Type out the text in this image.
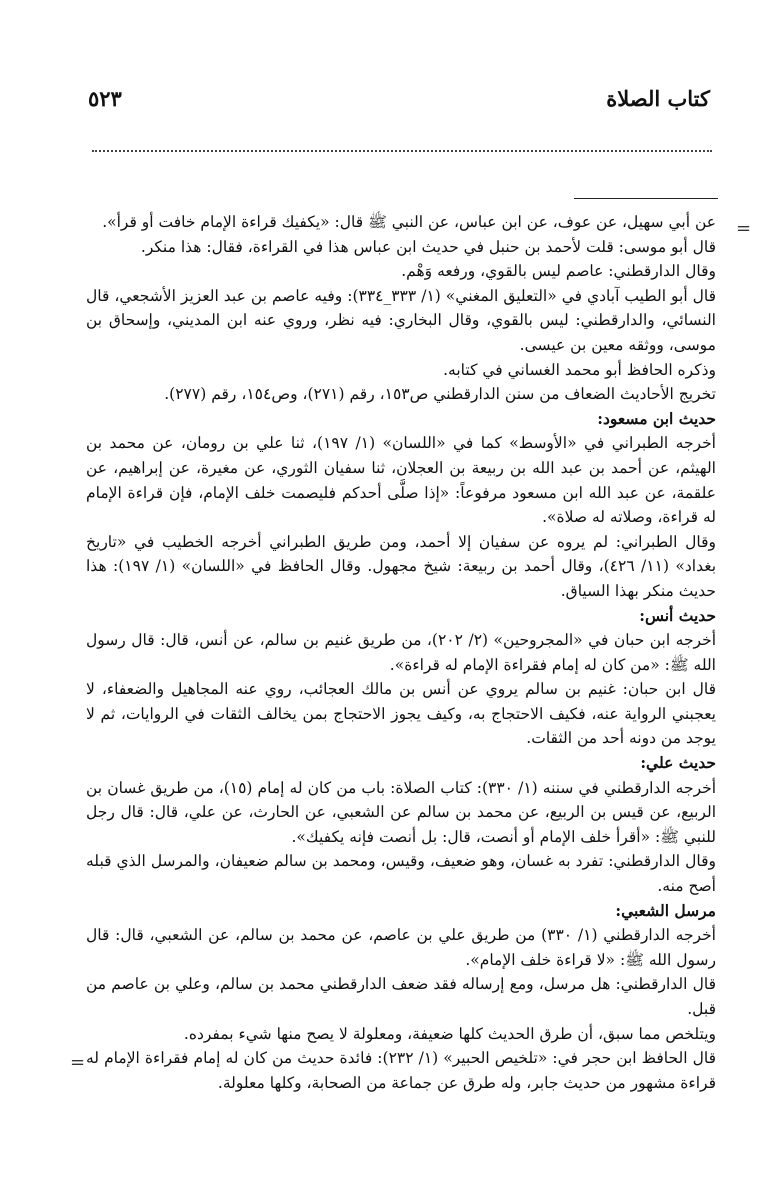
كتاب الصلاة
٥٢٣
=
=

عن أبي سهيل، عن عوف، عن ابن عباس، عن النبي ﷺ قال: «يكفيك قراءة الإمام خافت أو قرأ».

قال أبو موسى: قلت لأحمد بن حنبل في حديث ابن عباس هذا في القراءة، فقال: هذا منكر.

وقال الدارقطني: عاصم ليس بالقوي، ورفعه وَهْم.

قال أبو الطيب آبادي في «التعليق المغني» (١/ ٣٣٣_٣٣٤): وفيه عاصم بن عبد العزيز الأشجعي، قال النسائي، والدارقطني: ليس بالقوي، وقال البخاري: فيه نظر، وروي عنه ابن المديني، وإسحاق بن موسى، ووثقه معين بن عيسى.

وذكره الحافظ أبو محمد الغساني في كتابه.

تخريج الأحاديث الضعاف من سنن الدارقطني ص١٥٣، رقم (٢٧١)، وص١٥٤، رقم (٢٧٧).

حديث ابن مسعود:

أخرجه الطبراني في «الأوسط» كما في «اللسان» (١/ ١٩٧)، ثنا علي بن رومان، عن محمد بن الهيثم، عن أحمد بن عبد الله بن ربيعة بن العجلان، ثنا سفيان الثوري، عن مغيرة، عن إبراهيم، عن علقمة، عن عبد الله ابن مسعود مرفوعاً: «إذا صلَّى أحدكم فليصمت خلف الإمام، فإن قراءة الإمام له قراءة، وصلاته له صلاة».

وقال الطبراني: لم يروه عن سفيان إلا أحمد، ومن طريق الطبراني أخرجه الخطيب في «تاريخ بغداد» (١١/ ٤٢٦)، وقال أحمد بن ربيعة: شيخ مجهول. وقال الحافظ في «اللسان» (١/ ١٩٧): هذا حديث منكر بهذا السياق.

حديث أنس:

أخرجه ابن حبان في «المجروحين» (٢/ ٢٠٢)، من طريق غنيم بن سالم، عن أنس، قال: قال رسول الله ﷺ: «من كان له إمام فقراءة الإمام له قراءة».

قال ابن حبان: غنيم بن سالم يروي عن أنس بن مالك العجائب، روي عنه المجاهيل والضعفاء، لا يعجبني الرواية عنه، فكيف الاحتجاج به، وكيف يجوز الاحتجاج بمن يخالف الثقات في الروايات، ثم لا يوجد من دونه أحد من الثقات.

حديث علي:

أخرجه الدارقطني في سننه (١/ ٣٣٠): كتاب الصلاة: باب من كان له إمام (١٥)، من طريق غسان بن الربيع، عن قيس بن الربيع، عن محمد بن سالم عن الشعبي، عن الحارث، عن علي، قال: قال رجل للنبي ﷺ: «أقرأ خلف الإمام أو أنصت، قال: بل أنصت فإنه يكفيك».

وقال الدارقطني: تفرد به غسان، وهو ضعيف، وقيس، ومحمد بن سالم ضعيفان، والمرسل الذي قبله أصح منه.

مرسل الشعبي:

أخرجه الدارقطني (١/ ٣٣٠) من طريق علي بن عاصم، عن محمد بن سالم، عن الشعبي، قال: قال رسول الله ﷺ: «لا قراءة خلف الإمام».

قال الدارقطني: هل مرسل، ومع إرساله فقد ضعف الدارقطني محمد بن سالم، وعلي بن عاصم من قبل.

ويتلخص مما سبق، أن طرق الحديث كلها ضعيفة، ومعلولة لا يصح منها شيء بمفرده.

قال الحافظ ابن حجر في: «تلخيص الحبير» (١/ ٢٣٢): فائدة حديث من كان له إمام فقراءة الإمام له قراءة مشهور من حديث جابر، وله طرق عن جماعة من الصحابة، وكلها معلولة.
